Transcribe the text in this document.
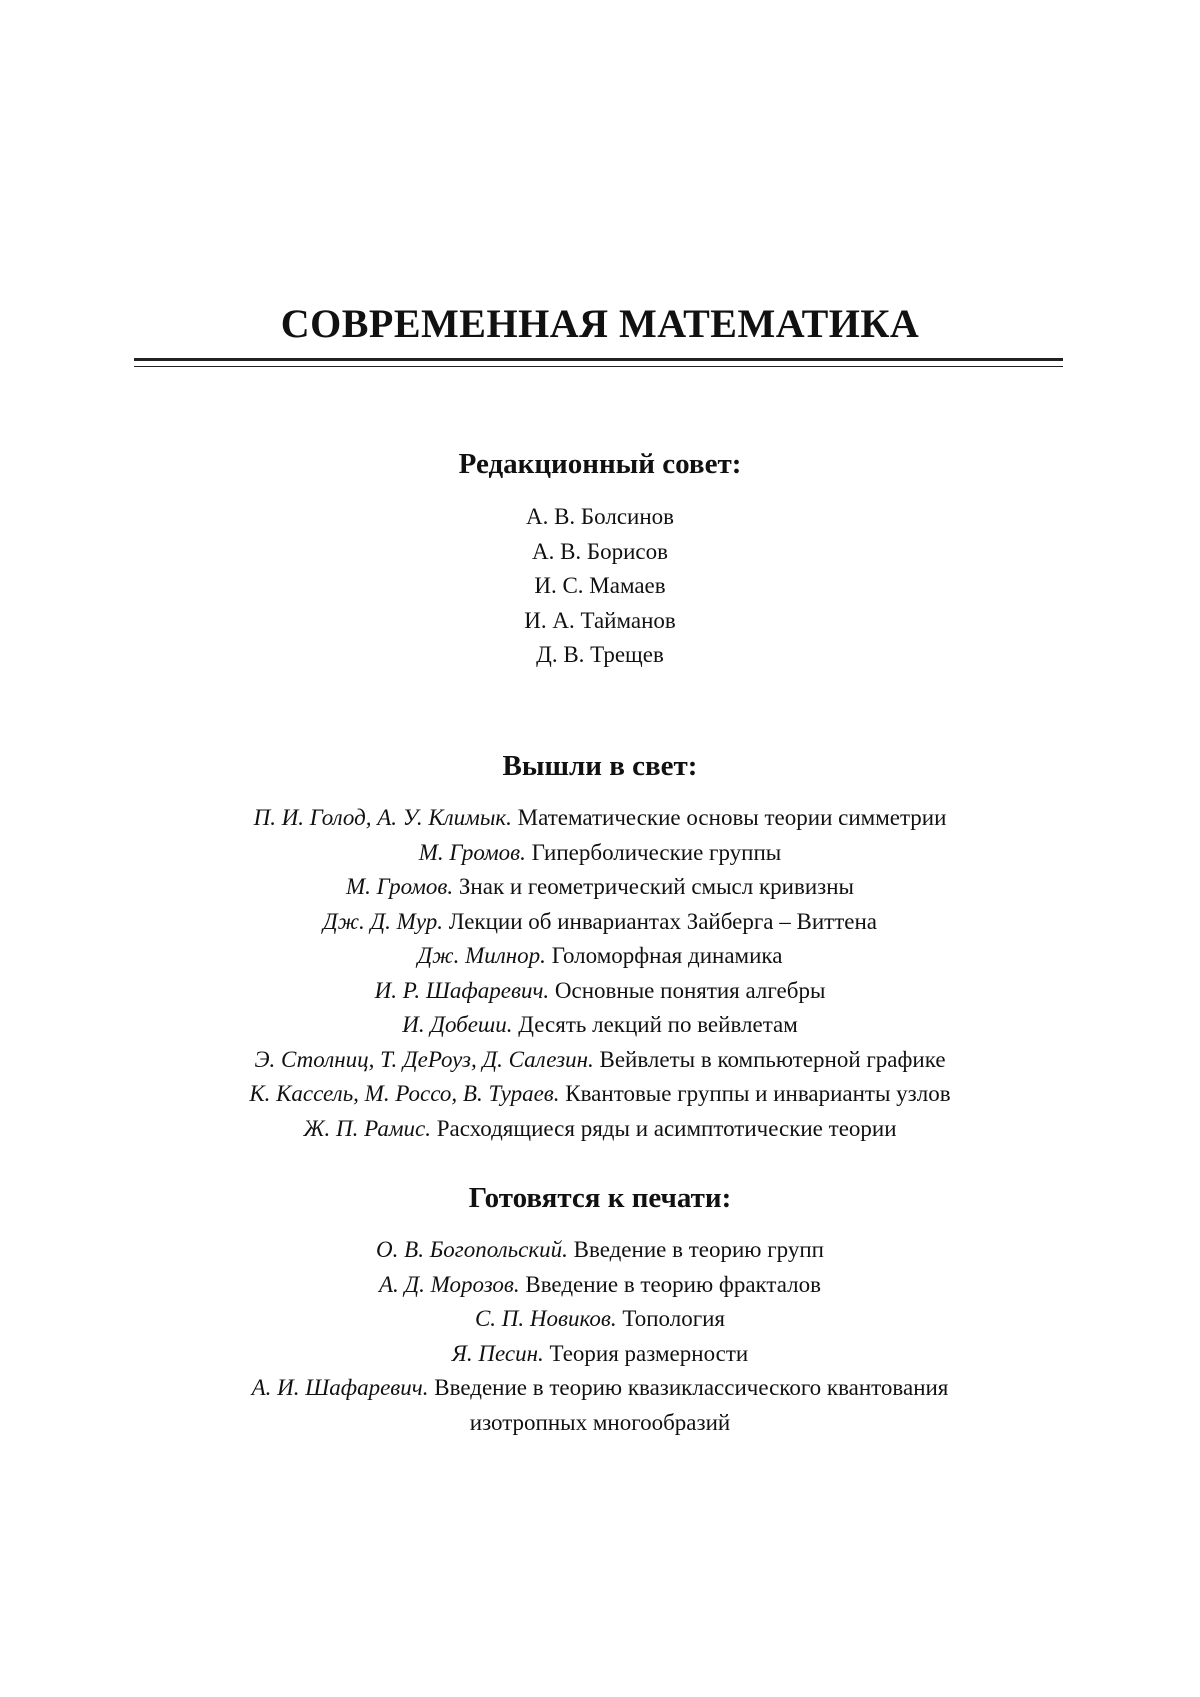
СОВРЕМЕННАЯ МАТЕМАТИКА
Редакционный совет:
А. В. Болсинов
А. В. Борисов
И. С. Мамаев
И. А. Тайманов
Д. В. Трещев
Вышли в свет:
П. И. Голод, А. У. Климык. Математические основы теории симметрии
М. Громов. Гиперболические группы
М. Громов. Знак и геометрический смысл кривизны
Дж. Д. Мур. Лекции об инвариантах Зайберга – Виттена
Дж. Милнор. Голоморфная динамика
И. Р. Шафаревич. Основные понятия алгебры
И. Добеши. Десять лекций по вейвлетам
Э. Столниц, Т. ДеРоуз, Д. Салезин. Вейвлеты в компьютерной графике
К. Кассель, М. Россо, В. Тураев. Квантовые группы и инварианты узлов
Ж. П. Рамис. Расходящиеся ряды и асимптотические теории
Готовятся к печати:
О. В. Богопольский. Введение в теорию групп
А. Д. Морозов. Введение в теорию фракталов
С. П. Новиков. Топология
Я. Песин. Теория размерности
А. И. Шафаревич. Введение в теорию квазиклассического квантования
изотропных многообразий
